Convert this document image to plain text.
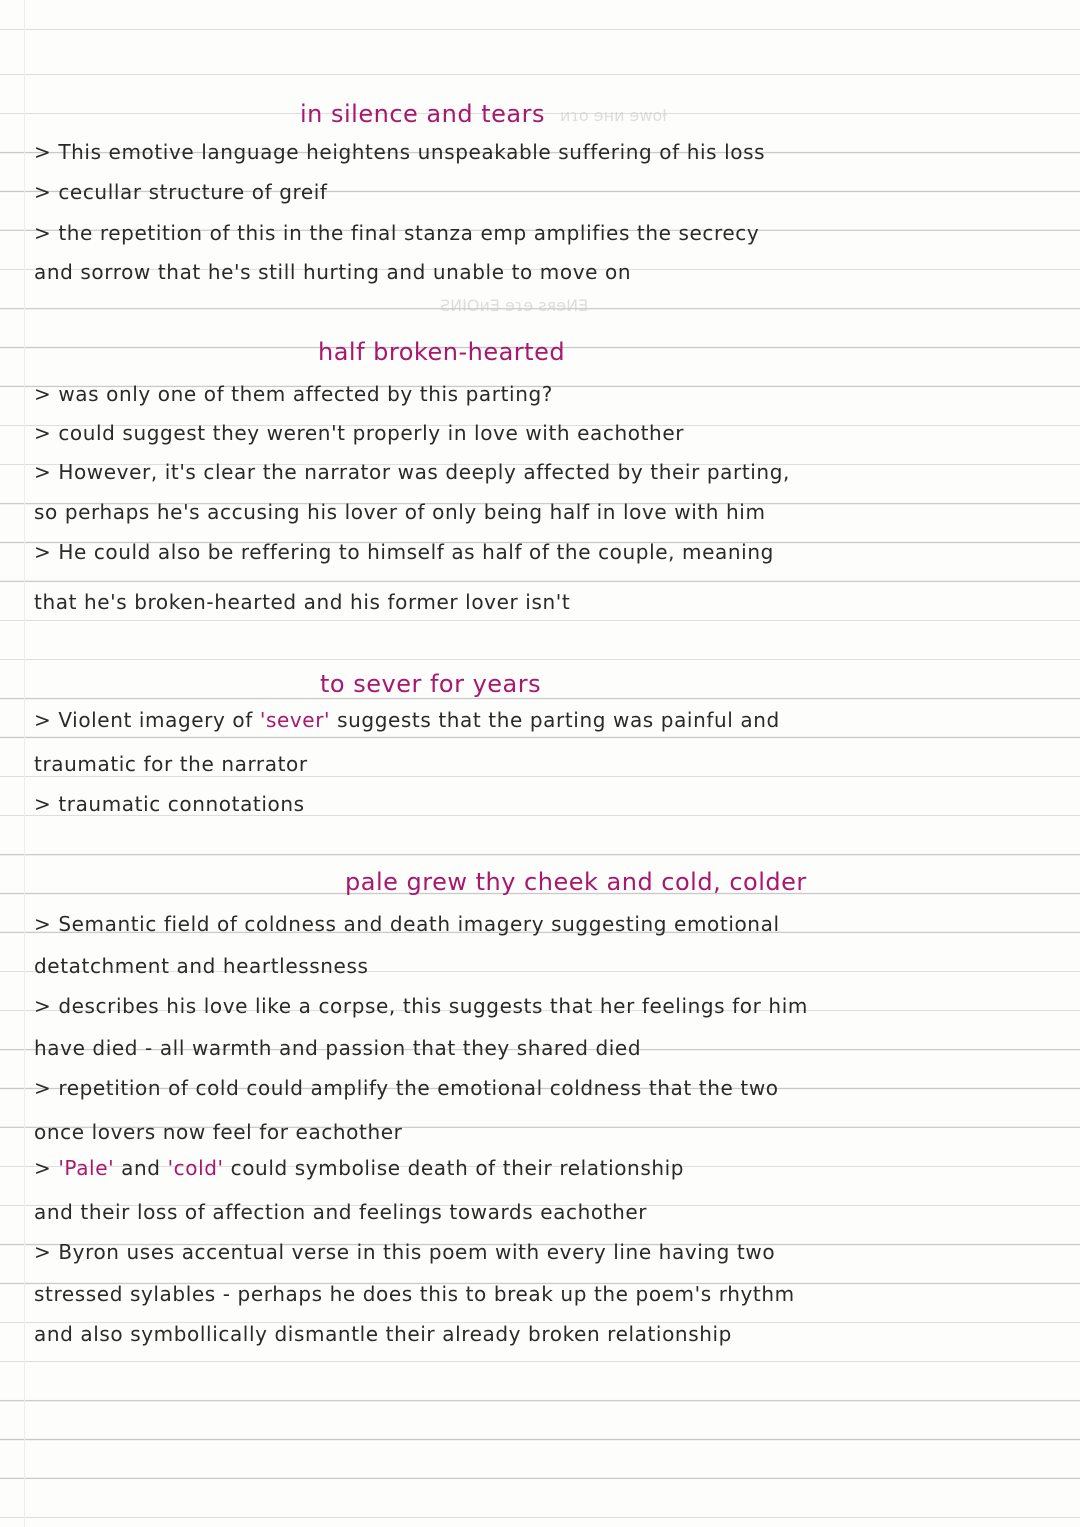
ᴎɿo ɘʜᴎ ɘwoƚ
ƧИIOᴎƎ ɘɿɘ ƨᴙɘИƎ
in silence and tears
> This emotive language heightens unspeakable suffering of his loss
> cecullar structure of greif
> the repetition of this in the final stanza emp amplifies the secrecy
and sorrow that he's still hurting and unable to move on
half broken-hearted
> was only one of them affected by this parting?
> could suggest they weren't properly in love with eachother
> However, it's clear the narrator was deeply affected by their parting,
so perhaps he's accusing his lover of only being half in love with him
> He could also be reffering to himself as half of the couple, meaning
that he's broken-hearted and his former lover isn't
to sever for years
> Violent imagery of 'sever' suggests that the parting was painful and
traumatic for the narrator
> traumatic connotations
pale grew thy cheek and cold, colder
> Semantic field of coldness and death imagery suggesting emotional
detatchment and heartlessness
> describes his love like a corpse, this suggests that her feelings for him
have died - all warmth and passion that they shared died
> repetition of cold could amplify the emotional coldness that the two
once lovers now feel for eachother
> 'Pale' and 'cold' could symbolise death of their relationship
and their loss of affection and feelings towards eachother
> Byron uses accentual verse in this poem with every line having two
stressed sylables - perhaps he does this to break up the poem's rhythm
and also symbollically dismantle their already broken relationship
